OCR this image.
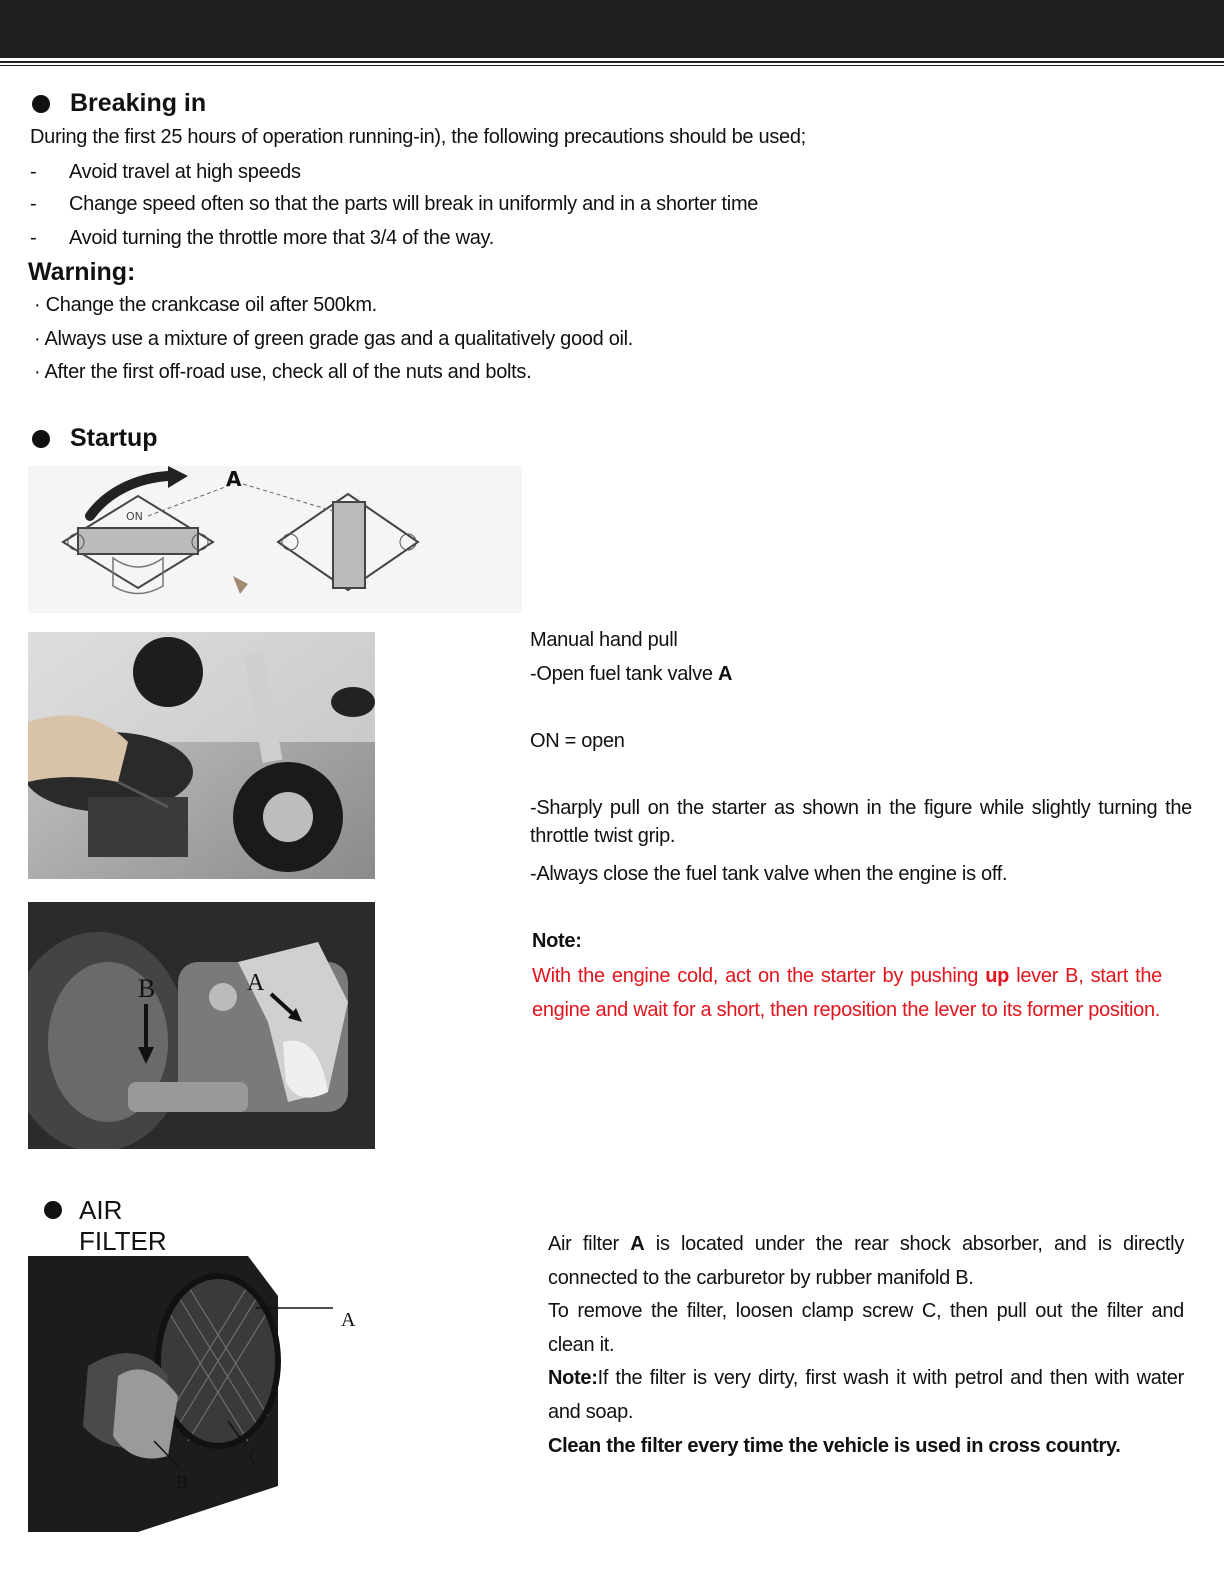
Breaking in
During the first 25 hours of operation running-in), the following precautions should be used;
-	Avoid travel at high speeds
-	Change speed often so that the parts will break in uniformly and in a shorter time
-	Avoid turning the throttle more that 3/4 of the way.
Warning:
· Change the crankcase oil after 500km.
· Always use a mixture of green grade gas and a qualitatively good oil.
· After the first off-road use, check all of the nuts and bolts.
Startup
ON
A
B	A
Manual hand pull
-Open fuel tank valve A
ON = open
-Sharply pull on the starter as shown in the figure while slightly turning the throttle twist grip.
-Always close the fuel tank valve when the engine is off.
Note:
With the engine cold, act on the starter by pushing up lever B, start the engine and wait for a short, then reposition the lever to its former position.
AIR
FILTER
A
B
C
Air filter A is located under the rear shock absorber, and is directly connected to the carburetor by rubber manifold B.
To remove the filter, loosen clamp screw C, then pull out the filter and clean it.
Note:If the filter is very dirty, first wash it with petrol and then with water and soap.
Clean the filter every time the vehicle is used in cross country.
